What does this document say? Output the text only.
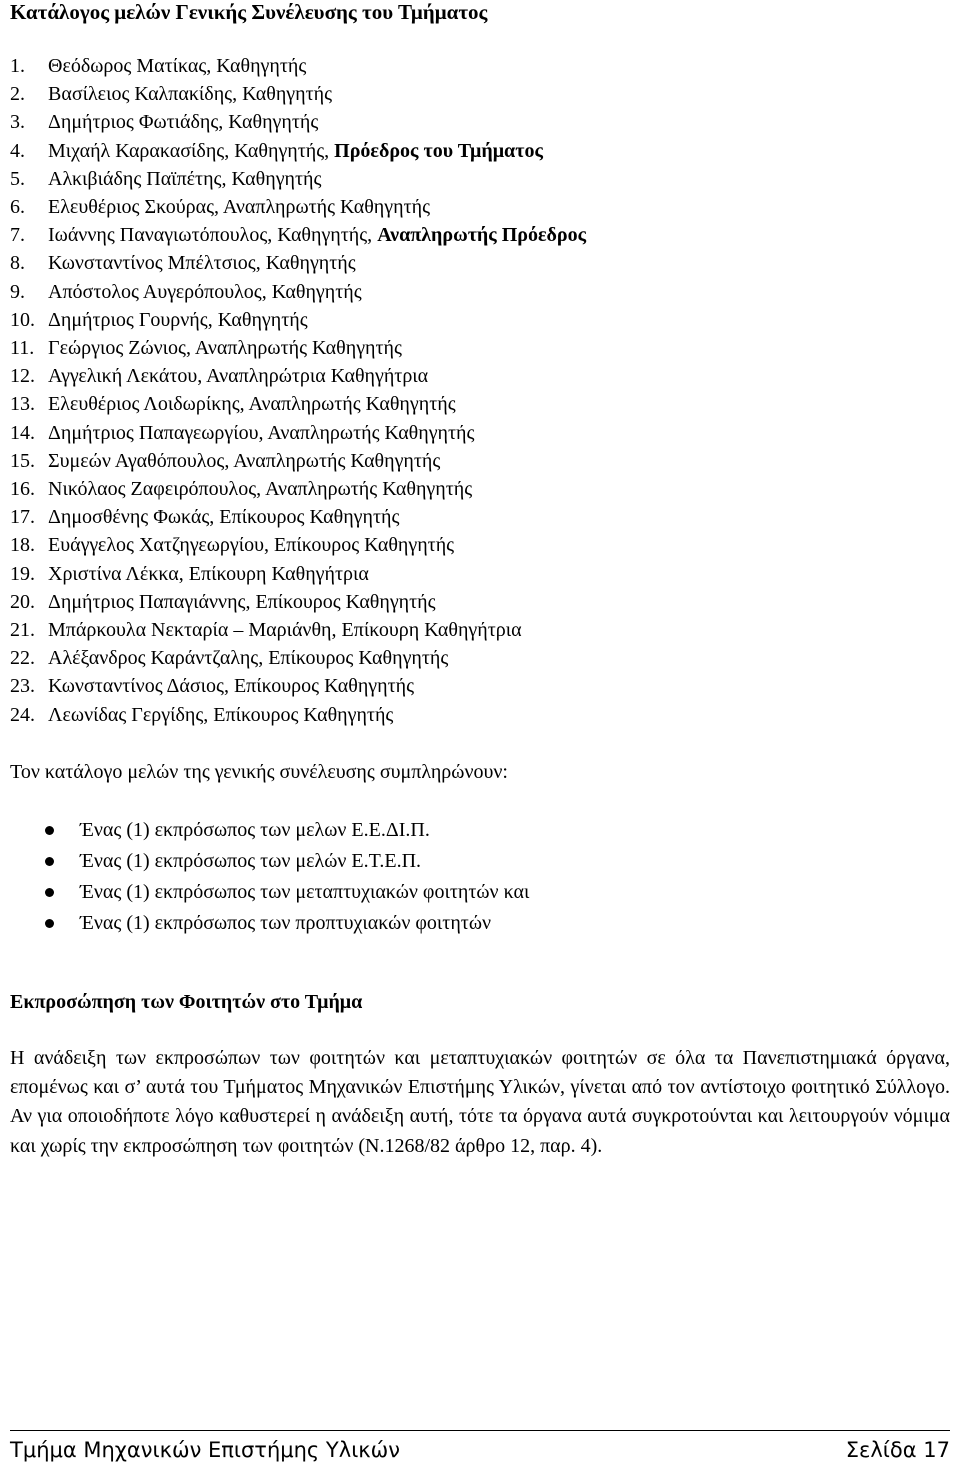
Κατάλογος μελών Γενικής Συνέλευσης του Τμήματος
1. Θεόδωρος Ματίκας, Καθηγητής
2. Βασίλειος Καλπακίδης, Καθηγητής
3. Δημήτριος Φωτιάδης, Καθηγητής
4. Μιχαήλ Καρακασίδης, Καθηγητής, Πρόεδρος του Τμήματος
5. Αλκιβιάδης Παϊπέτης, Καθηγητής
6. Ελευθέριος Σκούρας, Αναπληρωτής Καθηγητής
7. Ιωάννης Παναγιωτόπουλος, Καθηγητής, Αναπληρωτής Πρόεδρος
8. Κωνσταντίνος Μπέλτσιος, Καθηγητής
9. Απόστολος Αυγερόπουλος, Καθηγητής
10. Δημήτριος Γουρνής, Καθηγητής
11. Γεώργιος Ζώνιος, Αναπληρωτής Καθηγητής
12. Αγγελική Λεκάτου, Αναπληρώτρια Καθηγήτρια
13. Ελευθέριος Λοιδωρίκης, Αναπληρωτής Καθηγητής
14. Δημήτριος Παπαγεωργίου, Αναπληρωτής Καθηγητής
15. Συμεών Αγαθόπουλος, Αναπληρωτής Καθηγητής
16. Νικόλαος Ζαφειρόπουλος, Αναπληρωτής Καθηγητής
17. Δημοσθένης Φωκάς, Επίκουρος Καθηγητής
18. Ευάγγελος Χατζηγεωργίου, Επίκουρος Καθηγητής
19. Χριστίνα Λέκκα, Επίκουρη Καθηγήτρια
20. Δημήτριος Παπαγιάννης, Επίκουρος Καθηγητής
21. Μπάρκουλα Νεκταρία – Μαριάνθη, Επίκουρη Καθηγήτρια
22. Αλέξανδρος Καράντζαλης, Επίκουρος Καθηγητής
23. Κωνσταντίνος Δάσιος, Επίκουρος Καθηγητής
24. Λεωνίδας Γεργίδης, Επίκουρος Καθηγητής

Τον κατάλογο μελών της γενικής συνέλευσης συμπληρώνουν:

Ένας (1) εκπρόσωπος των μελων Ε.Ε.ΔΙ.Π.
Ένας (1) εκπρόσωπος των μελών Ε.Τ.Ε.Π.
Ένας (1) εκπρόσωπος των μεταπτυχιακών φοιτητών και
Ένας (1) εκπρόσωπος των προπτυχιακών φοιτητών
Εκπροσώπηση των Φοιτητών στο Τμήμα

Η ανάδειξη των εκπροσώπων των φοιτητών και μεταπτυχιακών φοιτητών σε όλα τα Πανεπιστημιακά όργανα, επομένως και σ’ αυτά του Τμήματος Μηχανικών Επιστήμης Υλικών, γίνεται από τον αντίστοιχο φοιτητικό Σύλλογο. Αν για οποιοδήποτε λόγο καθυστερεί η ανάδειξη αυτή, τότε τα όργανα αυτά συγκροτούνται και λειτουργούν νόμιμα και χωρίς την εκπροσώπηση των φοιτητών (Ν.1268/82 άρθρο 12, παρ. 4).

Τμήμα Μηχανικών Επιστήμης Υλικών	Σελίδα 17
